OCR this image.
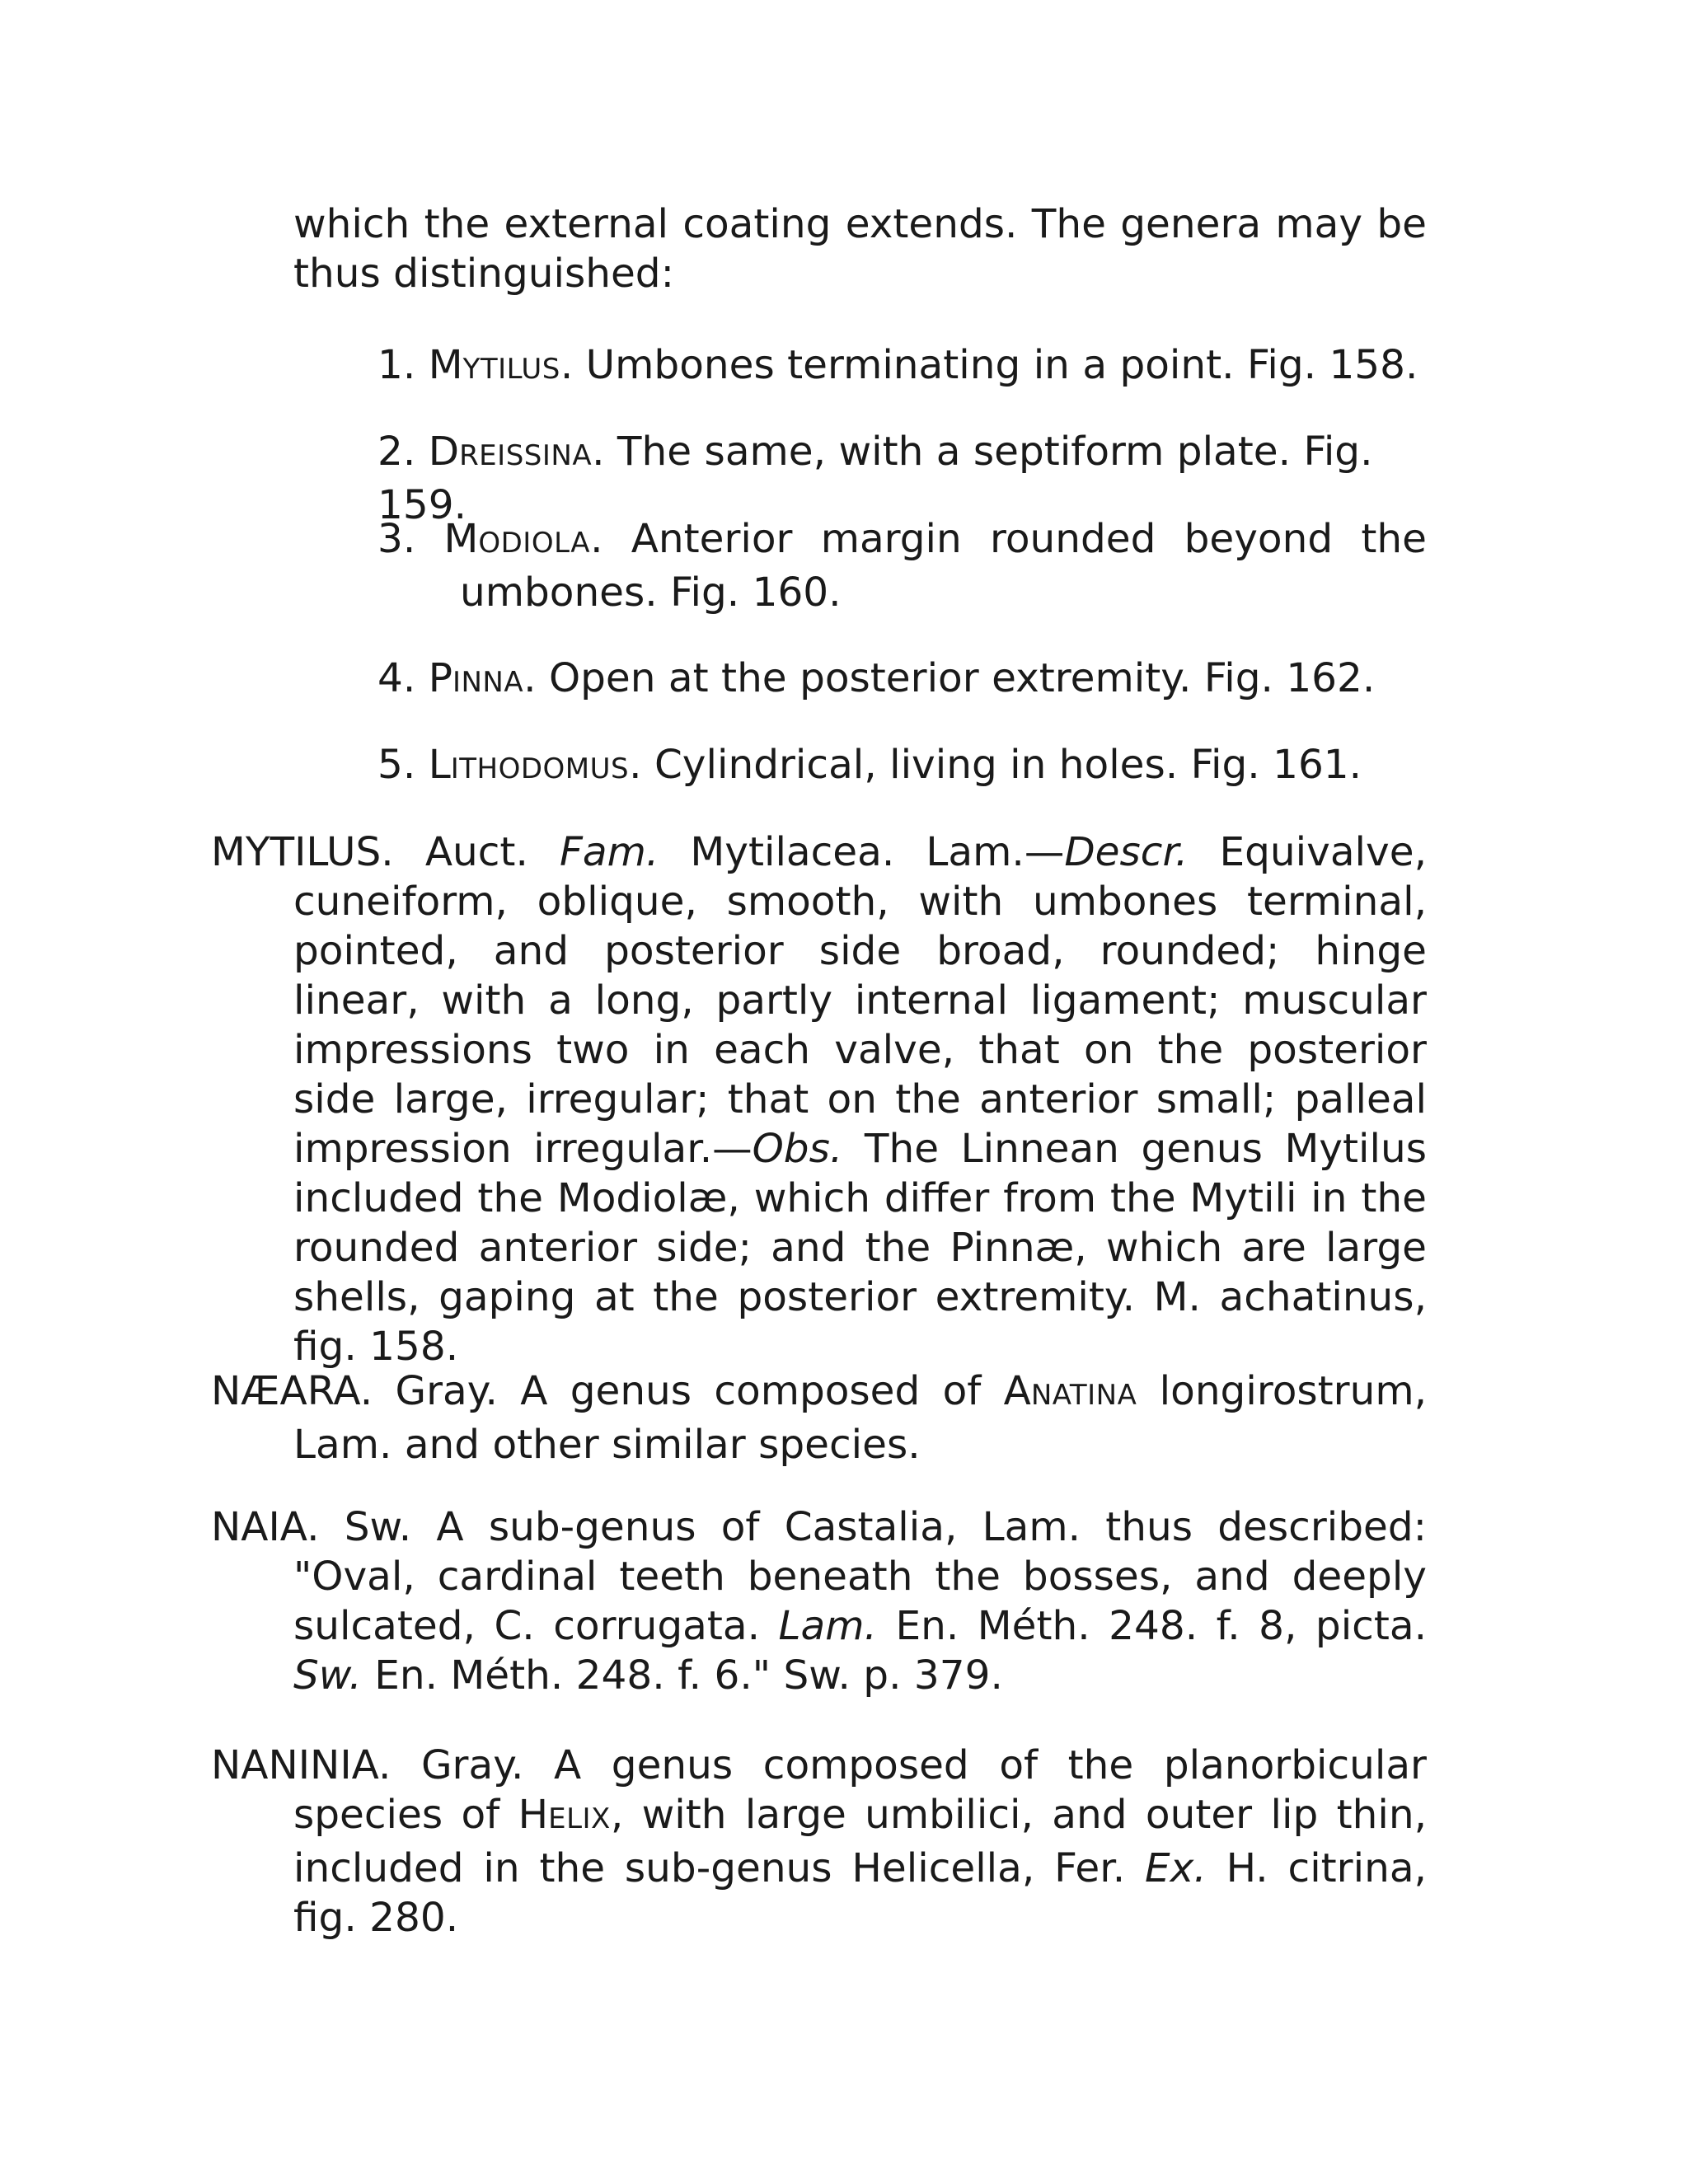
which the external coating extends. The genera may be thus distinguished:

1. MYTILUS. Umbones terminating in a point. Fig. 158.

2. DREISSINA. The same, with a septiform plate. Fig. 159.

3. MODIOLA. Anterior margin rounded beyond the
umbones. Fig. 160.

4. PINNA. Open at the posterior extremity. Fig. 162.

5. LITHODOMUS. Cylindrical, living in holes. Fig. 161.

MYTILUS. Auct. Fam. Mytilacea. Lam.—Descr. Equivalve, cuneiform, oblique, smooth, with umbones terminal, pointed, and posterior side broad, rounded; hinge linear, with a long, partly internal ligament; muscular impressions two in each valve, that on the posterior side large, irregular; that on the anterior small; palleal impression irregular.—Obs. The Linnean genus Mytilus included the Modiolæ, which differ from the Mytili in the rounded anterior side; and the Pinnæ, which are large shells, gaping at the posterior extremity. M. achatinus, fig. 158.

NÆARA. Gray. A genus composed of ANATINA longirostrum, Lam. and other similar species.

NAIA. Sw. A sub-genus of Castalia, Lam. thus described: "Oval, cardinal teeth beneath the bosses, and deeply sulcated, C. corrugata. Lam. En. Méth. 248. f. 8, picta. Sw. En. Méth. 248. f. 6." Sw. p. 379.

NANINIA. Gray. A genus composed of the planorbicular species of HELIX, with large umbilici, and outer lip thin, included in the sub-genus Helicella, Fer. Ex. H. citrina, fig. 280.
